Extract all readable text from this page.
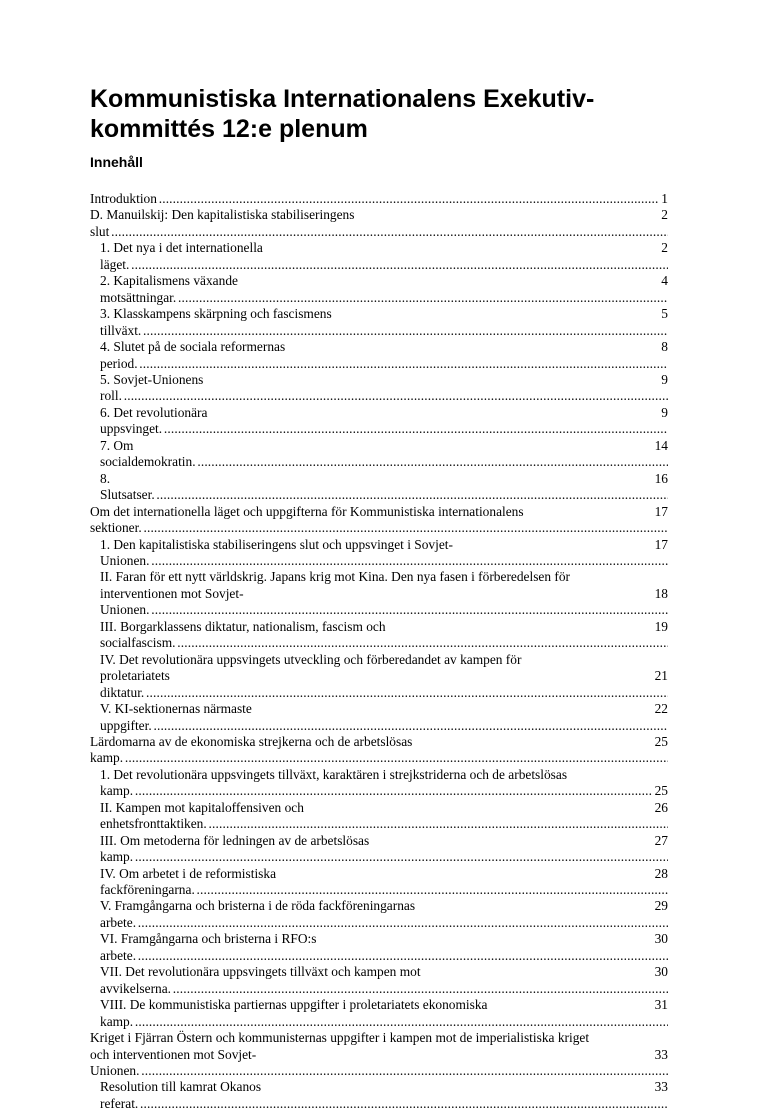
Kommunistiska Internationalens Exekutiv-
kommittés 12:e plenum
Innehåll
1
Introduktion . . .
2
D. Manuilskij: Den kapitalistiska stabiliseringens slut . . .
2
1. Det nya i det internationella läget. . . .
4
2. Kapitalismens växande motsättningar. . . .
5
3. Klasskampens skärpning och fascismens tillväxt. . . .
8
4. Slutet på de sociala reformernas period. . . .
9
5. Sovjet-Unionens roll. . . .
9
6. Det revolutionära uppsvinget. . . .
14
7. Om socialdemokratin. . . .
16
8. Slutsatser. . . .
17
Om det internationella läget och uppgifterna för Kommunistiska internationalens sektioner. . . .
17
1. Den kapitalistiska stabiliseringens slut och uppsvinget i Sovjet-Unionen. . . .
II. Faran för ett nytt världskrig. Japans krig mot Kina. Den nya fasen i förberedelsen för
18
interventionen mot Sovjet-Unionen. . . .
19
III. Borgarklassens diktatur, nationalism, fascism och socialfascism. . . .
IV. Det revolutionära uppsvingets utveckling och förberedandet av kampen för
21
proletariatets diktatur. . . .
22
V. KI-sektionernas närmaste uppgifter. . . .
25
Lärdomarna av de ekonomiska strejkerna och de arbetslösas kamp. . . .
1. Det revolutionära uppsvingets tillväxt, karaktären i strejkstriderna och de arbetslösas
25
kamp. . . .
26
II. Kampen mot kapitaloffensiven och enhetsfronttaktiken. . . .
27
III. Om metoderna för ledningen av de arbetslösas kamp. . . .
28
IV. Om arbetet i de reformistiska fackföreningarna. . . .
29
V. Framgångarna och bristerna i de röda fackföreningarnas arbete. . . .
30
VI. Framgångarna och bristerna i RFO:s arbete. . . .
30
VII. Det revolutionära uppsvingets tillväxt och kampen mot avvikelserna. . . .
31
VIII. De kommunistiska partiernas uppgifter i proletariatets ekonomiska kamp. . . .
Kriget i Fjärran Östern och kommunisternas uppgifter i kampen mot de imperialistiska kriget
33
och interventionen mot Sovjet-Unionen. . . .
33
Resolution till kamrat Okanos referat. . . .
